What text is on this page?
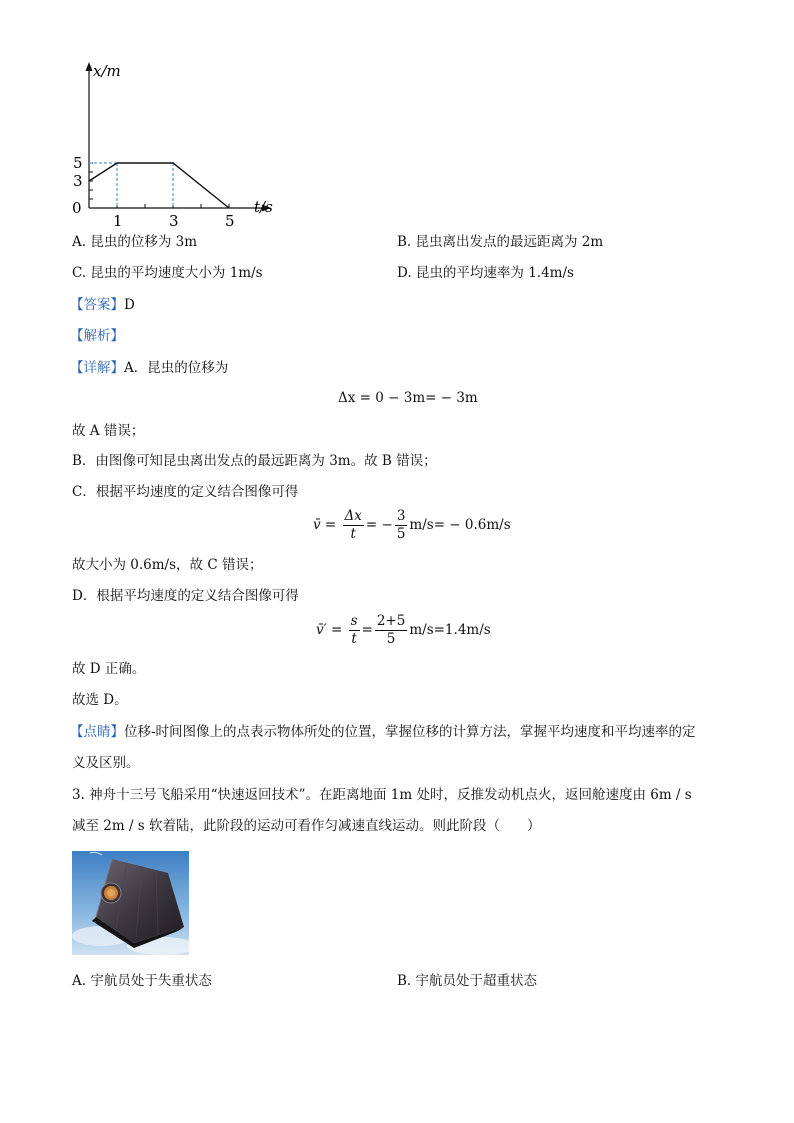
x/m
t/s
0
5
3
1	3	5
A. 昆虫的位移为 3m	B. 昆虫离出发点的最远距离为 2m
C. 昆虫的平均速度大小为 1m/s	D. 昆虫的平均速率为 1.4m/s
【答案】D
【解析】
【详解】A．昆虫的位移为
Δx = 0 − 3m= − 3m
故 A 错误；
B．由图像可知昆虫离出发点的最远距离为 3m。故 B 错误；
C．根据平均速度的定义结合图像可得
v̄ = $\frac{\Delta x}{t}$ = − $\frac{3}{5} m/s= - 0.6m/s$
故大小为 0.6m/s，故 C 错误；
D．根据平均速度的定义结合图像可得
v̄′ = $\frac{s}{t} = \frac{2+5}{5} m/s=1.4m/s$
故 D 正确。
故选 D。
【点睛】位移-时间图像上的点表示物体所处的位置，掌握位移的计算方法，掌握平均速度和平均速率的定
义及区别。
3. 神舟十三号飞船采用“快速返回技术”。在距离地面 1m 处时，反推发动机点火，返回舱速度由 6m / s
减至 2m / s 软着陆，此阶段的运动可看作匀减速直线运动。则此阶段（　　）
A. 宇航员处于失重状态	B. 宇航员处于超重状态
